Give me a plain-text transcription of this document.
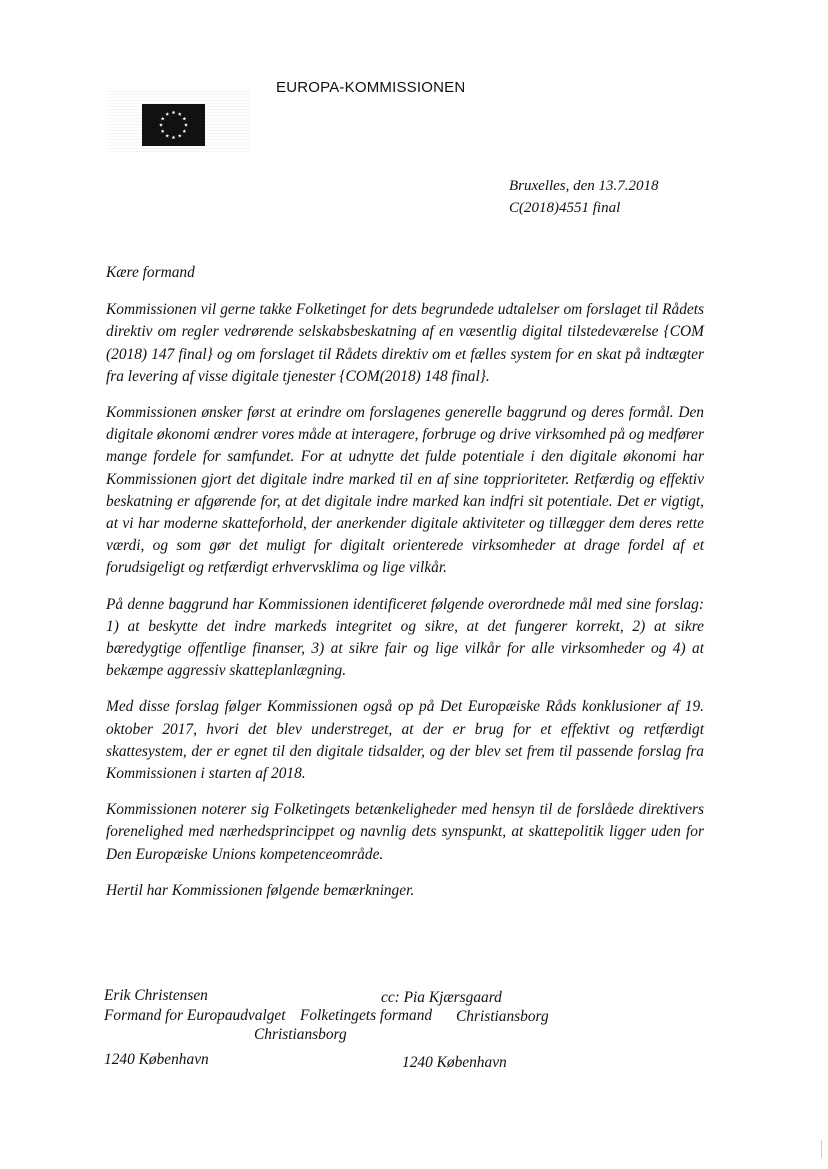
EUROPA-KOMMISSIONEN
Bruxelles, den 13.7.2018
C(2018)4551 final

Kære formand

Kommissionen vil gerne takke Folketinget for dets begrundede udtalelser om forslaget til Rådets direktiv om regler vedrørende selskabsbeskatning af en væsentlig digital tilstedeværelse {COM (2018) 147 final} og om forslaget til Rådets direktiv om et fælles system for en skat på indtægter fra levering af visse digitale tjenester {COM(2018) 148 final}.

Kommissionen ønsker først at erindre om forslagenes generelle baggrund og deres formål. Den digitale økonomi ændrer vores måde at interagere, forbruge og drive virksomhed på og medfører mange fordele for samfundet. For at udnytte det fulde potentiale i den digitale økonomi har Kommissionen gjort det digitale indre marked til en af sine topprioriteter. Retfærdig og effektiv beskatning er afgørende for, at det digitale indre marked kan indfri sit potentiale. Det er vigtigt, at vi har moderne skatteforhold, der anerkender digitale aktiviteter og tillægger dem deres rette værdi, og som gør det muligt for digitalt orienterede virksomheder at drage fordel af et forudsigeligt og retfærdigt erhvervsklima og lige vilkår.

På denne baggrund har Kommissionen identificeret følgende overordnede mål med sine forslag: 1) at beskytte det indre markeds integritet og sikre, at det fungerer korrekt, 2) at sikre bæredygtige offentlige finanser, 3) at sikre fair og lige vilkår for alle virksomheder og 4) at bekæmpe aggressiv skatteplanlægning.

Med disse forslag følger Kommissionen også op på Det Europæiske Råds konklusioner af 19. oktober 2017, hvori det blev understreget, at der er brug for et effektivt og retfærdigt skattesystem, der er egnet til den digitale tidsalder, og der blev set frem til passende forslag fra Kommissionen i starten af 2018.

Kommissionen noterer sig Folketingets betænkeligheder med hensyn til de forslåede direktivers forenelighed med nærhedsprincippet og navnlig dets synspunkt, at skattepolitik ligger uden for Den Europæiske Unions kompetenceområde.

Hertil har Kommissionen følgende bemærkninger.

Erik Christensen	cc: Pia Kjærsgaard
Formand for Europaudvalget Folketingets formand Christiansborg
Christiansborg
1240 København	1240 København
